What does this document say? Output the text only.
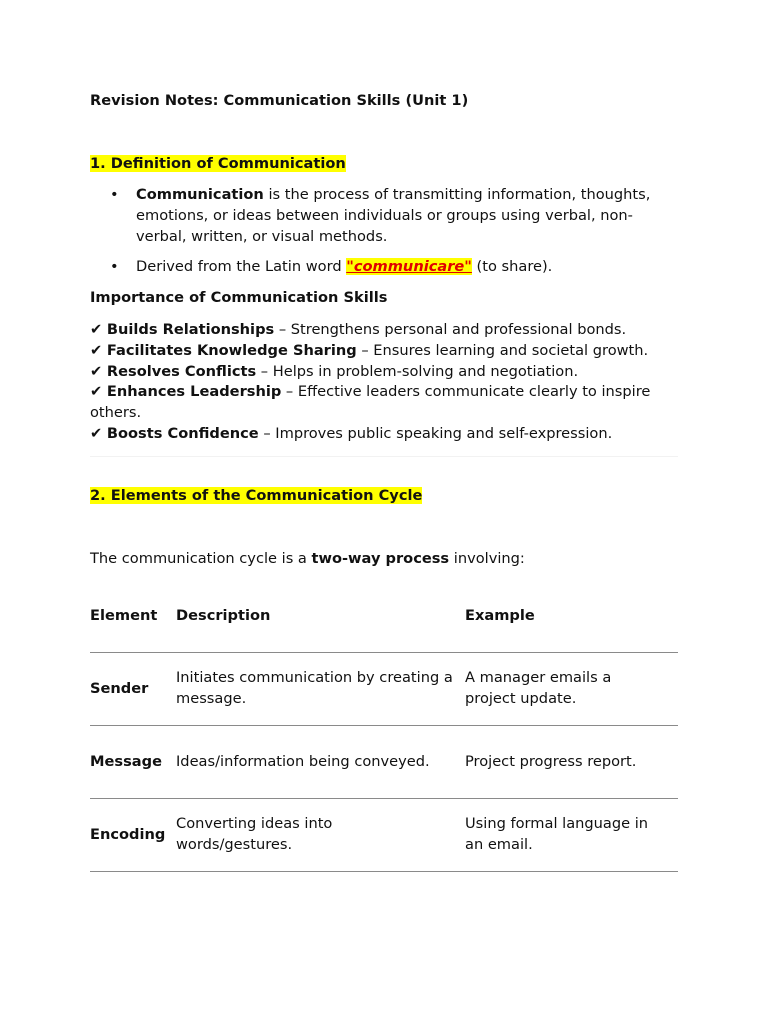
Revision Notes: Communication Skills (Unit 1)
1. Definition of Communication
• Communication is the process of transmitting information, thoughts, emotions, or ideas between individuals or groups using verbal, non-verbal, written, or visual methods.
• Derived from the Latin word "communicare" (to share).
Importance of Communication Skills
✔ Builds Relationships – Strengthens personal and professional bonds.
✔ Facilitates Knowledge Sharing – Ensures learning and societal growth.
✔ Resolves Conflicts – Helps in problem-solving and negotiation.
✔ Enhances Leadership – Effective leaders communicate clearly to inspire others.
✔ Boosts Confidence – Improves public speaking and self-expression.
2. Elements of the Communication Cycle
The communication cycle is a two-way process involving:
Element	Description	Example
Sender	Initiates communication by creating a message.	A manager emails a project update.
Message	Ideas/information being conveyed.	Project progress report.
Encoding	Converting ideas into words/gestures.	Using formal language in an email.
